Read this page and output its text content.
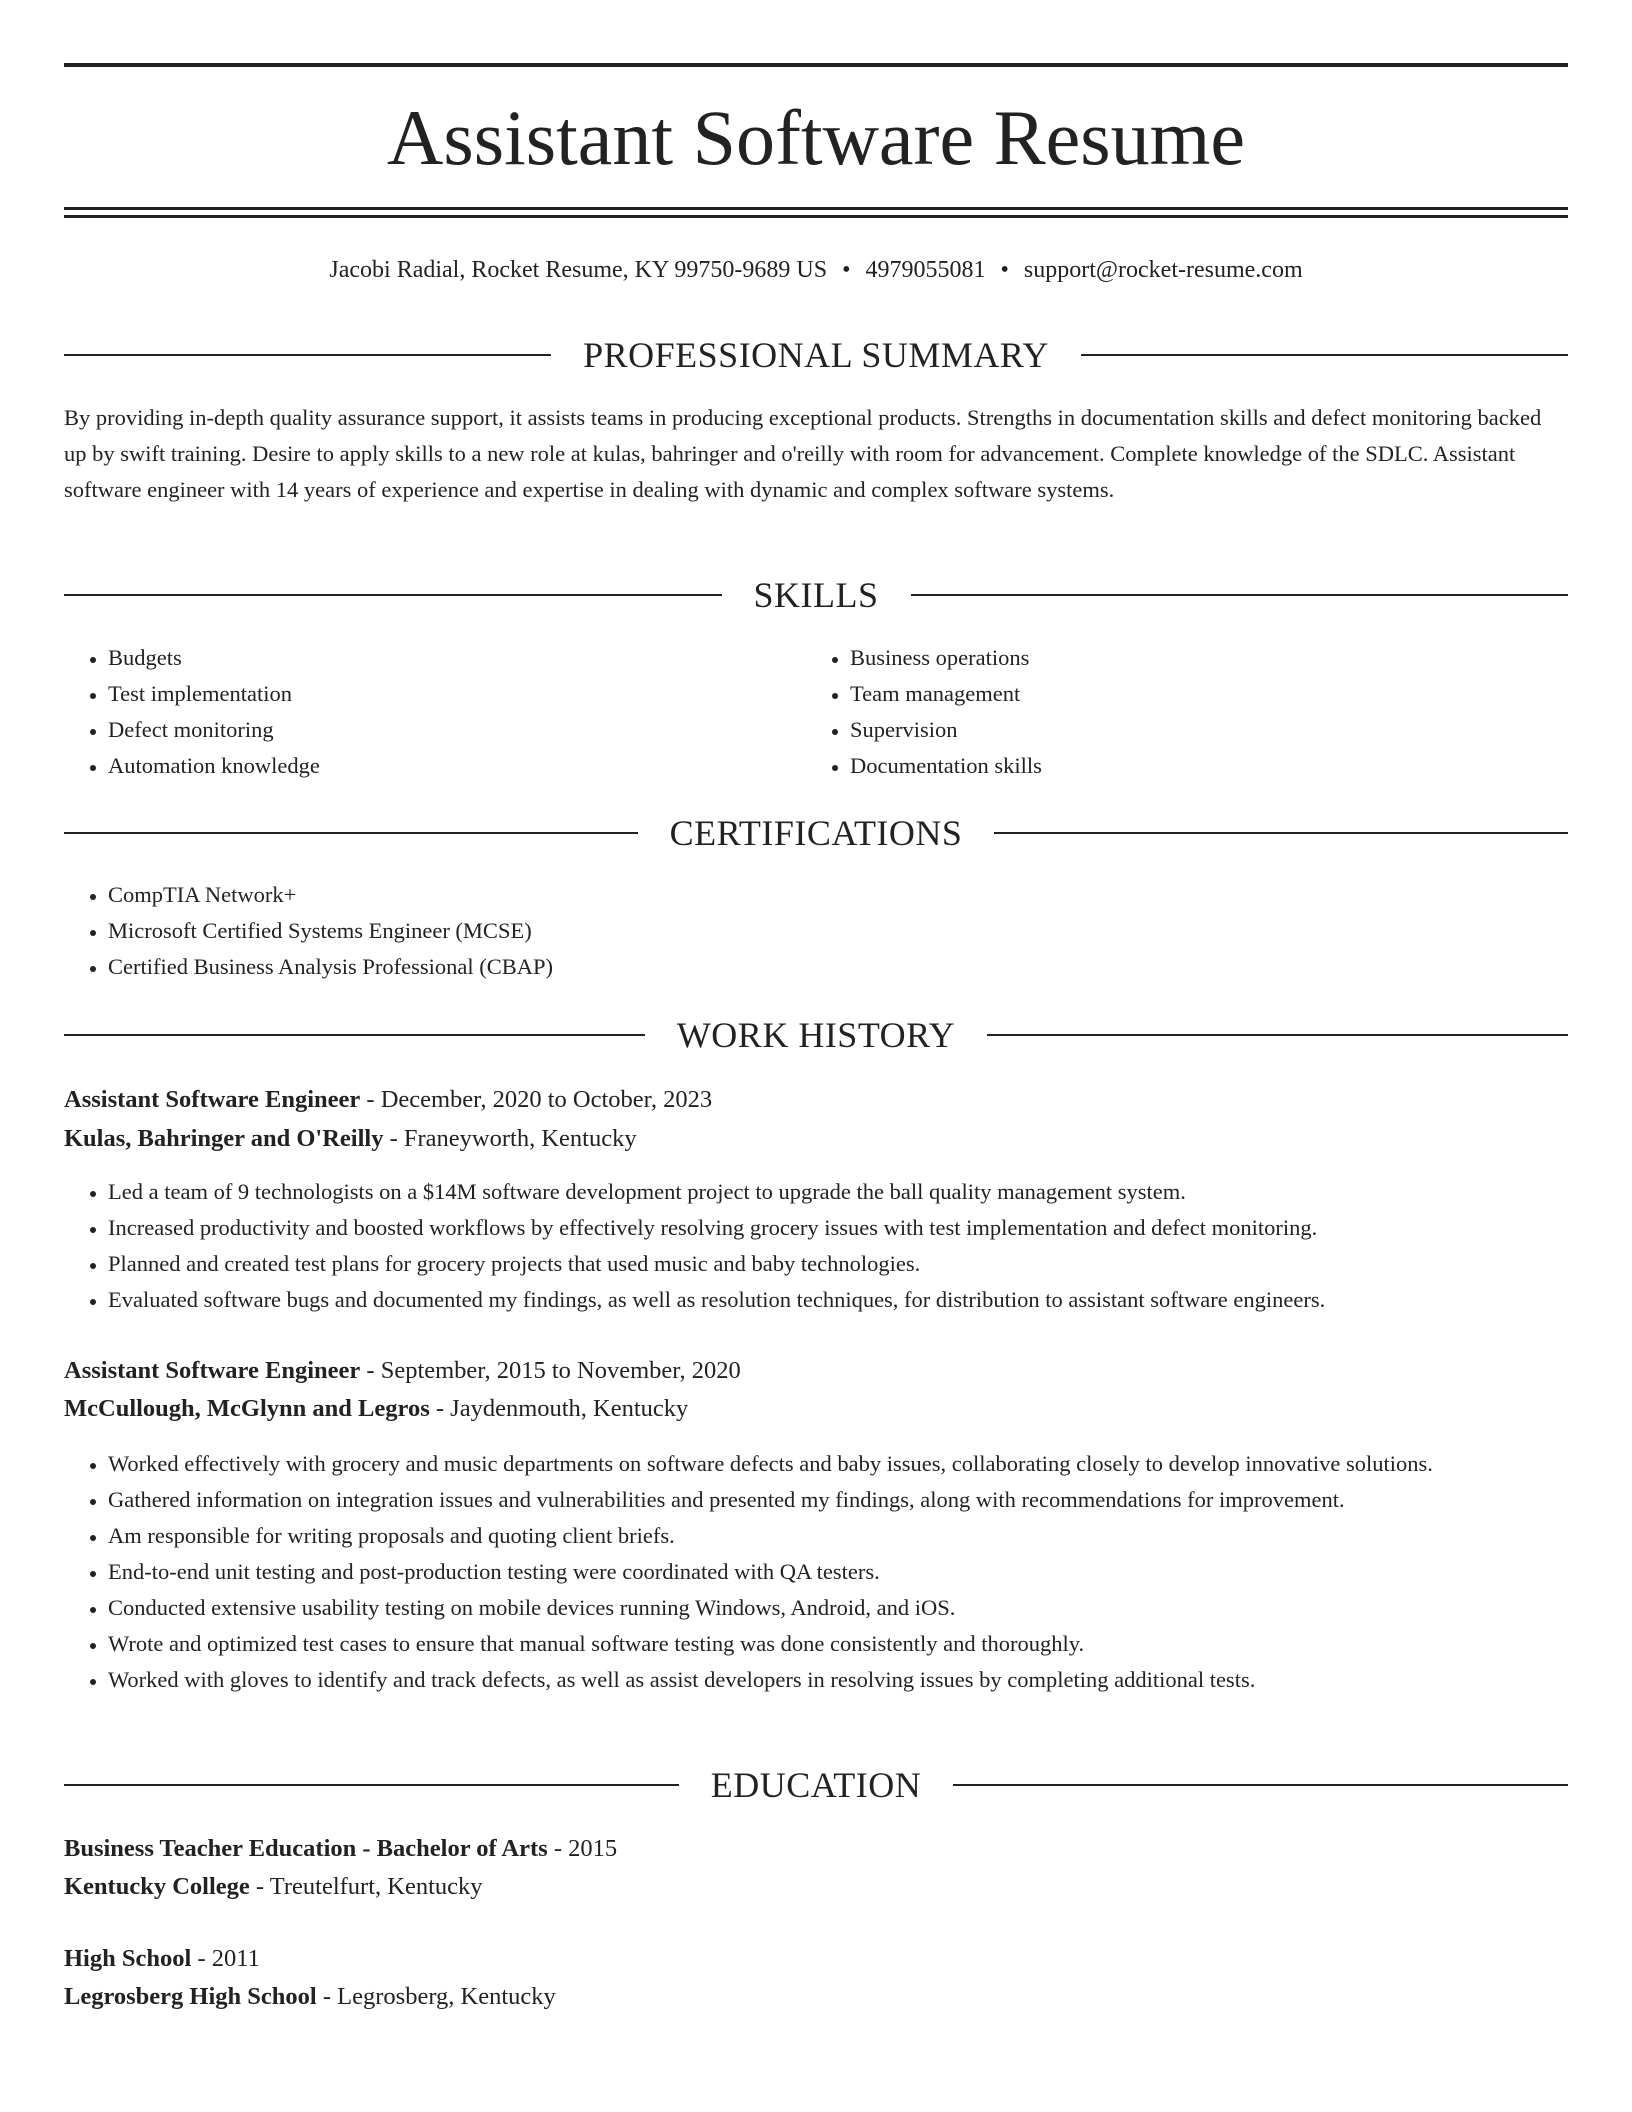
Assistant Software Resume
Jacobi Radial, Rocket Resume, KY 99750-9689 US • 4979055081 • support@rocket-resume.com
PROFESSIONAL SUMMARY

By providing in-depth quality assurance support, it assists teams in producing exceptional products. Strengths in documentation skills and defect monitoring backed up by swift training. Desire to apply skills to a new role at kulas, bahringer and o'reilly with room for advancement. Complete knowledge of the SDLC. Assistant software engineer with 14 years of experience and expertise in dealing with dynamic and complex software systems.

SKILLS
• Budgets
• Test implementation
• Defect monitoring
• Automation knowledge
• Business operations
• Team management
• Supervision
• Documentation skills
CERTIFICATIONS
• CompTIA Network+
• Microsoft Certified Systems Engineer (MCSE)
• Certified Business Analysis Professional (CBAP)
WORK HISTORY
Assistant Software Engineer - December, 2020 to October, 2023
Kulas, Bahringer and O'Reilly - Franeyworth, Kentucky
• Led a team of 9 technologists on a $14M software development project to upgrade the ball quality management system.
• Increased productivity and boosted workflows by effectively resolving grocery issues with test implementation and defect monitoring.
• Planned and created test plans for grocery projects that used music and baby technologies.
• Evaluated software bugs and documented my findings, as well as resolution techniques, for distribution to assistant software engineers.
Assistant Software Engineer - September, 2015 to November, 2020
McCullough, McGlynn and Legros - Jaydenmouth, Kentucky
• Worked effectively with grocery and music departments on software defects and baby issues, collaborating closely to develop innovative solutions.
• Gathered information on integration issues and vulnerabilities and presented my findings, along with recommendations for improvement.
• Am responsible for writing proposals and quoting client briefs.
• End-to-end unit testing and post-production testing were coordinated with QA testers.
• Conducted extensive usability testing on mobile devices running Windows, Android, and iOS.
• Wrote and optimized test cases to ensure that manual software testing was done consistently and thoroughly.
• Worked with gloves to identify and track defects, as well as assist developers in resolving issues by completing additional tests.
EDUCATION
Business Teacher Education - Bachelor of Arts - 2015
Kentucky College - Treutelfurt, Kentucky
High School - 2011
Legrosberg High School - Legrosberg, Kentucky
